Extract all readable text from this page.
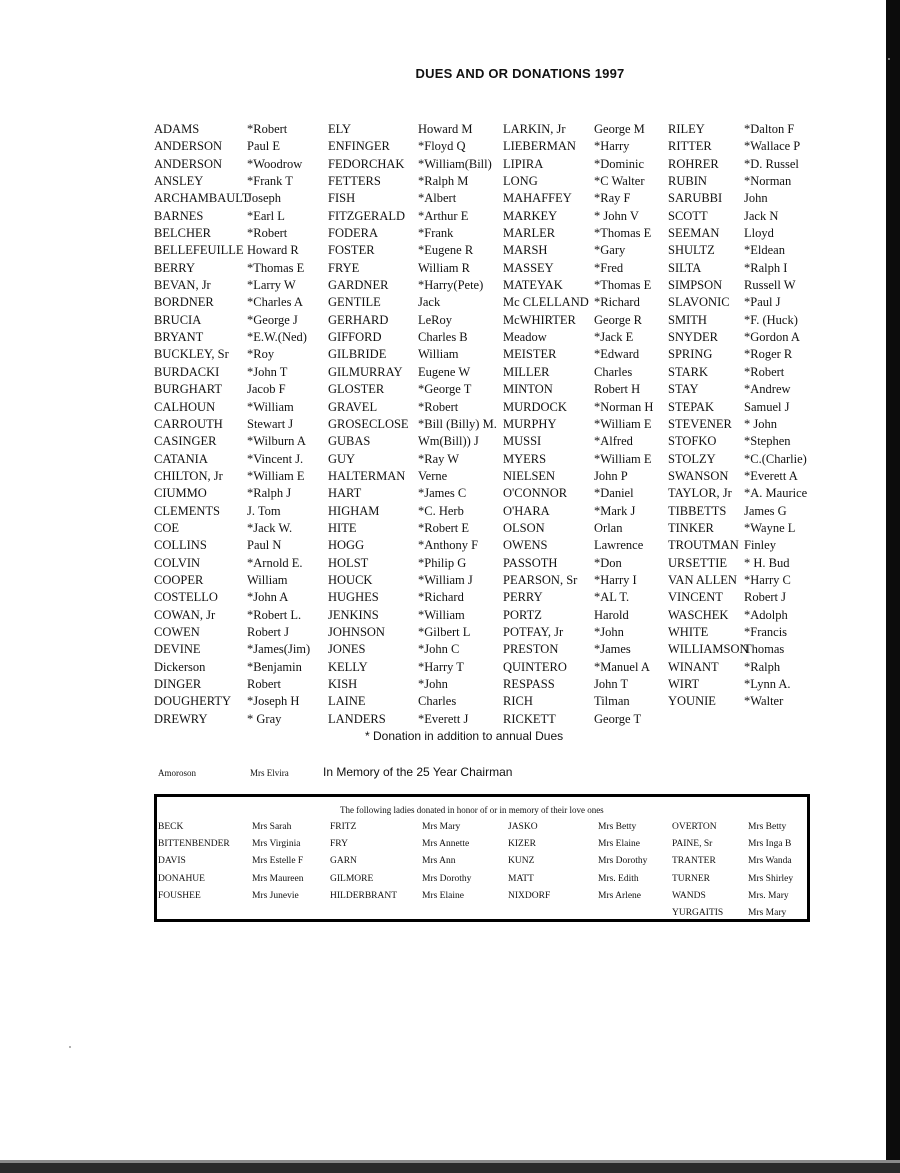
DUES AND OR DONATIONS 1997
ADAMS
ANDERSON
ANDERSON
ANSLEY
ARCHAMBAULT
BARNES
BELCHER
BELLEFEUILLE
BERRY
BEVAN, Jr
BORDNER
BRUCIA
BRYANT
BUCKLEY, Sr
BURDACKI
BURGHART
CALHOUN
CARROUTH
CASINGER
CATANIA
CHILTON, Jr
CIUMMO
CLEMENTS
COE
COLLINS
COLVIN
COOPER
COSTELLO
COWAN, Jr
COWEN
DEVINE
Dickerson
DINGER
DOUGHERTY
DREWRY
*Robert
Paul E
*Woodrow
*Frank T
Joseph
*Earl L
*Robert
Howard R
*Thomas E
*Larry W
*Charles A
*George J
*E.W.(Ned)
*Roy
*John T
Jacob F
*William
Stewart J
*Wilburn A
*Vincent J.
*William E
*Ralph J
J. Tom
*Jack W.
Paul N
*Arnold E.
William
*John A
*Robert L.
Robert J
*James(Jim)
*Benjamin
Robert
*Joseph H
* Gray
ELY
ENFINGER
FEDORCHAK
FETTERS
FISH
FITZGERALD
FODERA
FOSTER
FRYE
GARDNER
GENTILE
GERHARD
GIFFORD
GILBRIDE
GILMURRAY
GLOSTER
GRAVEL
GROSECLOSE
GUBAS
GUY
HALTERMAN
HART
HIGHAM
HITE
HOGG
HOLST
HOUCK
HUGHES
JENKINS
JOHNSON
JONES
KELLY
KISH
LAINE
LANDERS
Howard M
*Floyd Q
*William(Bill)
*Ralph M
*Albert
*Arthur E
*Frank
*Eugene R
William R
*Harry(Pete)
Jack
LeRoy
Charles B
William
Eugene W
*George T
*Robert
*Bill (Billy) M.
Wm(Bill)) J
*Ray W
Verne
*James C
*C. Herb
*Robert E
*Anthony F
*Philip G
*William J
*Richard
*William
*Gilbert L
*John C
*Harry T
*John
Charles
*Everett J
LARKIN, Jr
LIEBERMAN
LIPIRA
LONG
MAHAFFEY
MARKEY
MARLER
MARSH
MASSEY
MATEYAK
Mc CLELLAND
McWHIRTER
Meadow
MEISTER
MILLER
MINTON
MURDOCK
MURPHY
MUSSI
MYERS
NIELSEN
O'CONNOR
O'HARA
OLSON
OWENS
PASSOTH
PEARSON, Sr
PERRY
PORTZ
POTFAY, Jr
PRESTON
QUINTERO
RESPASS
RICH
RICKETT
George M
*Harry
*Dominic
*C Walter
*Ray F
* John V
*Thomas E
*Gary
*Fred
*Thomas E
*Richard
George R
*Jack E
*Edward
Charles
Robert H
*Norman H
*William E
*Alfred
*William E
John P
*Daniel
*Mark J
Orlan
Lawrence
*Don
*Harry I
*AL T.
Harold
*John
*James
*Manuel A
John T
Tilman
George T
RILEY
RITTER
ROHRER
RUBIN
SARUBBI
SCOTT
SEEMAN
SHULTZ
SILTA
SIMPSON
SLAVONIC
SMITH
SNYDER
SPRING
STARK
STAY
STEPAK
STEVENER
STOFKO
STOLZY
SWANSON
TAYLOR, Jr
TIBBETTS
TINKER
TROUTMAN
URSETTIE
VAN ALLEN
VINCENT
WASCHEK
WHITE
WILLIAMSON
WINANT
WIRT
YOUNIE
*Dalton F
*Wallace P
*D. Russel
*Norman
John
Jack N
Lloyd
*Eldean
*Ralph I
Russell W
*Paul J
*F. (Huck)
*Gordon A
*Roger R
*Robert
*Andrew
Samuel J
* John
*Stephen
*C.(Charlie)
*Everett A
*A. Maurice
James G
*Wayne L
Finley
* H. Bud
*Harry C
Robert J
*Adolph
*Francis
Thomas
*Ralph
*Lynn A.
*Walter
* Donation in addition to annual Dues
Amoroson	Mrs Elvira	In Memory of the 25 Year Chairman
The following ladies donated in honor of or in memory of their love ones
BECK
BITTENBENDER
DAVIS
DONAHUE
FOUSHEE
Mrs Sarah
Mrs Virginia
Mrs Estelle F
Mrs Maureen
Mrs Junevie
FRITZ
FRY
GARN
GILMORE
HILDERBRANT
Mrs Mary
Mrs Annette
Mrs Ann
Mrs Dorothy
Mrs Elaine
JASKO
KIZER
KUNZ
MATT
NIXDORF
Mrs Betty
Mrs Elaine
Mrs Dorothy
Mrs. Edith
Mrs Arlene
OVERTON
PAINE, Sr
TRANTER
TURNER
WANDS
YURGAITIS
Mrs Betty
Mrs Inga B
Mrs Wanda
Mrs Shirley
Mrs. Mary
Mrs Mary
